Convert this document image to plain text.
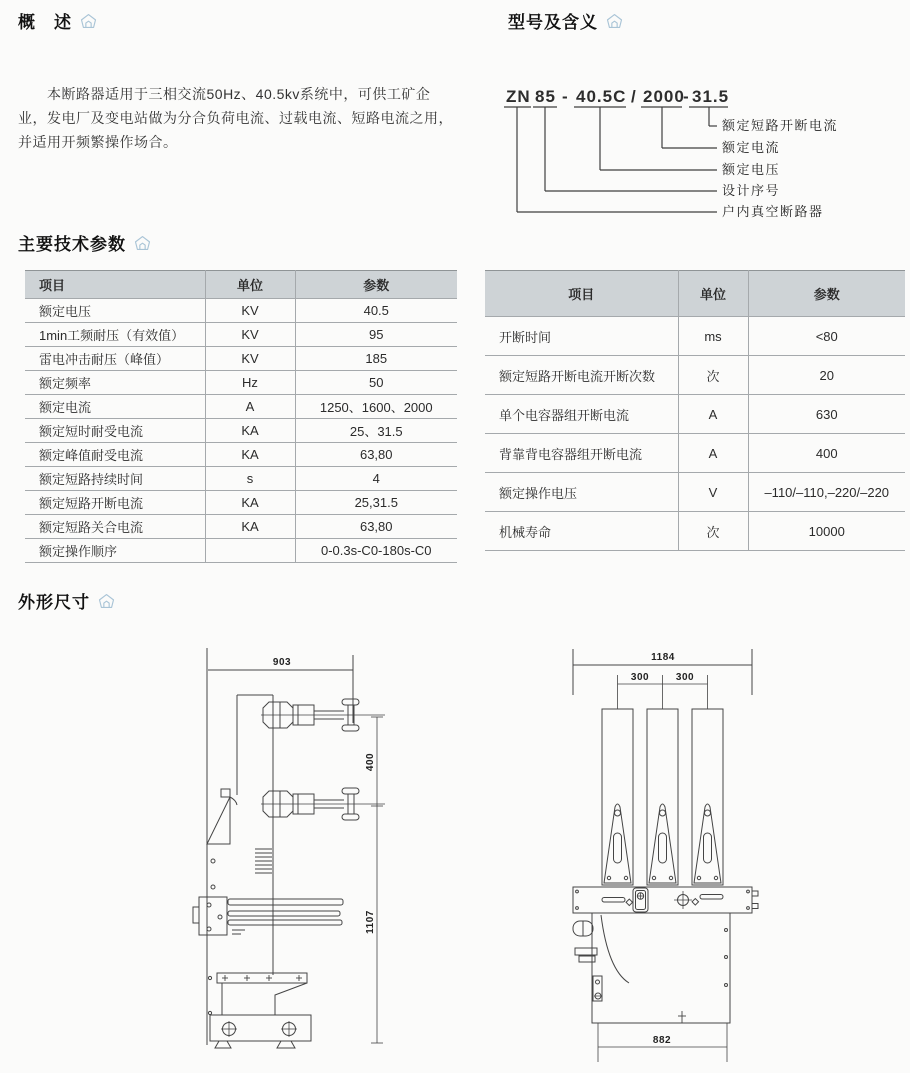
概　述
　　本断路器适用于三相交流50Hz、40.5kv系统中，可供工矿企
业，发电厂及变电站做为分合负荷电流、过载电流、短路电流之用，
并适用开频繁操作场合。
型号及含义
ZN 85 - 40.5C / 2000
- 31.5
额定短路开断电流
额定电流
额定电压
设计序号
户内真空断路器
主要技术参数
项目	单位	参数
额定电压	KV	40.5
1min工频耐压（有效值）	KV	95
雷电冲击耐压（峰值）	KV	185
额定频率	Hz	50
额定电流	A	1250、1600、2000
额定短时耐受电流	KA	25、31.5
额定峰值耐受电流	KA	63,80
额定短路持续时间	s	4
额定短路开断电流	KA	25,31.5
额定短路关合电流	KA	63,80
额定操作顺序		0-0.3s-C0-180s-C0
项目	单位	参数
开断时间	ms	<80
额定短路开断电流开断次数	次	20
单个电容器组开断电流	A	630
背靠背电容器组开断电流	A	400
额定操作电压	V	–110/–110,–220/–220
机械寿命	次	10000
外形尺寸
903
400
1107
1184
300	300
882
